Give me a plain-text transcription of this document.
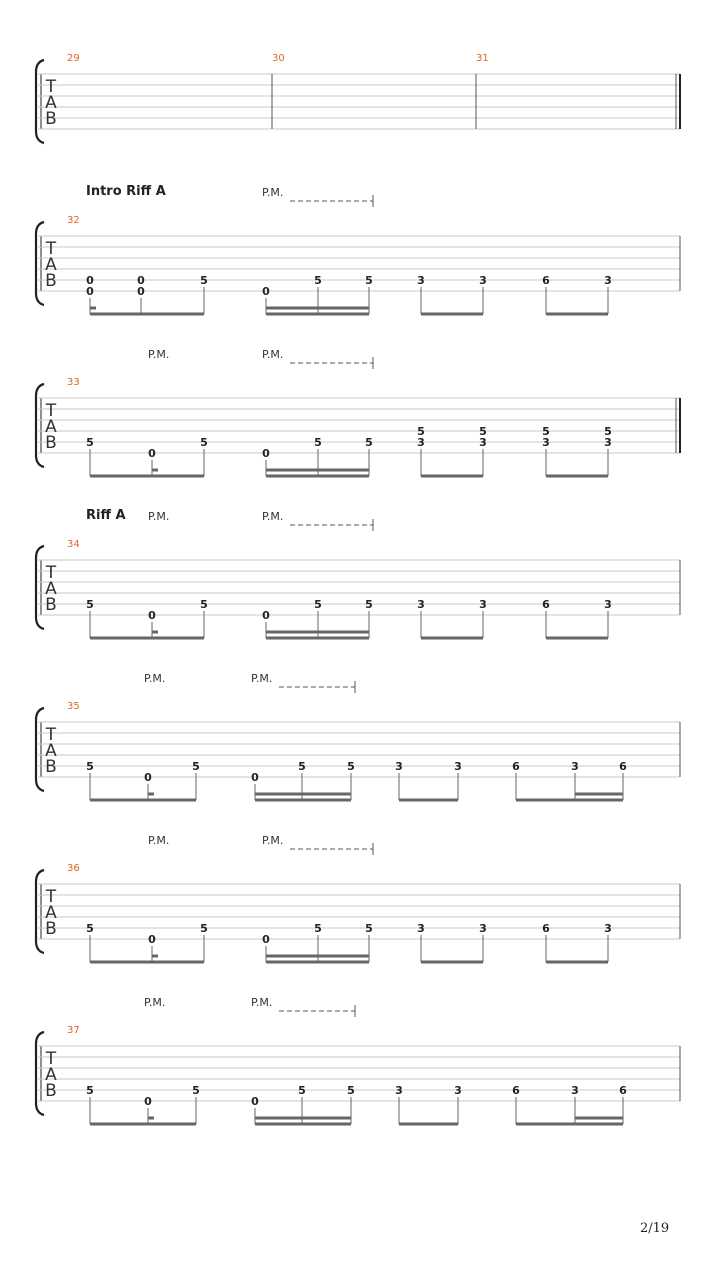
T
A
B
29	30	31
T
A
B
32
Intro Riff A	P.M.
0
0
0
0
5
0
5	5	3	3	6	3
T
A
B
33
P.M.	P.M.
5
0
5
0
5	5
5
3
5
3
5
3
5
3
T
A
B
34
Riff A P.M.	P.M.
5
0
5
0
5	5	3	3	6	3
T
A
B
35
P.M.	P.M.
5
0
5
0
5	5	3	3	6	3	6
T
A
B
36
P.M.	P.M.
5
0
5
0
5	5	3	3	6	3
T
A
B
37
P.M.	P.M.
5
0
5
0
5	5	3	3	6	3	6
2/19
